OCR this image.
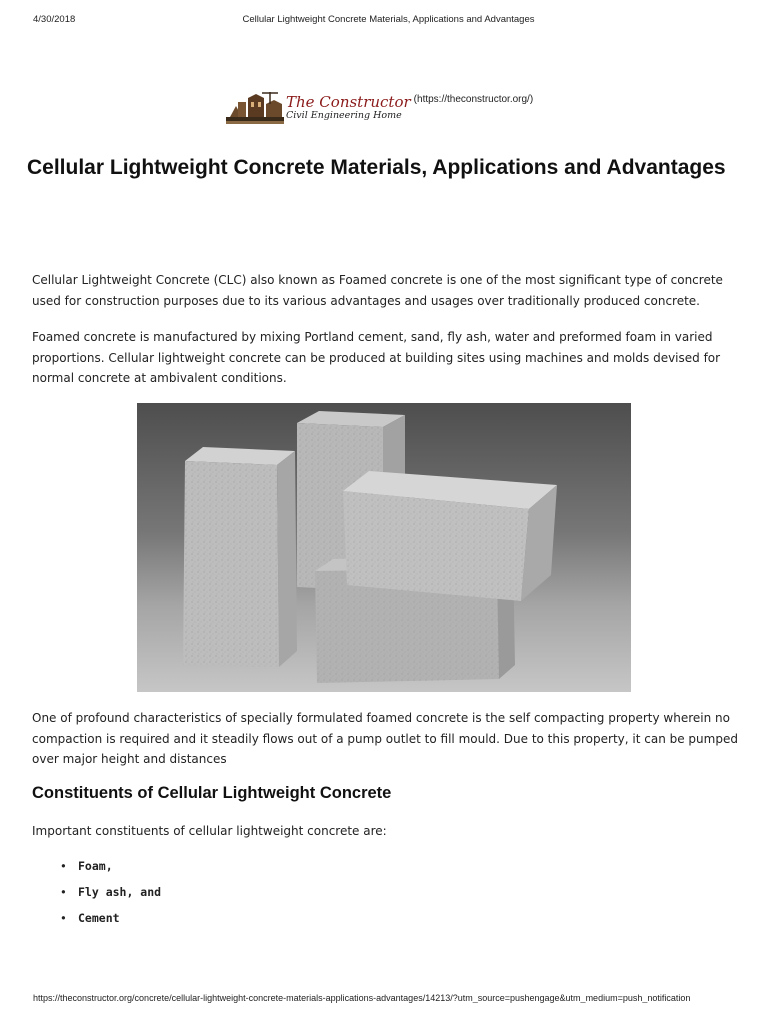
4/30/2018	Cellular Lightweight Concrete Materials, Applications and Advantages
The Constructor
Civil Engineering Home
(https://theconstructor.org/)
Cellular Lightweight Concrete Materials, Applications and Advantages

Cellular Lightweight Concrete (CLC) also known as Foamed concrete is one of the most significant type of concrete used for construction purposes due to its various advantages and usages over traditionally produced concrete.

Foamed concrete is manufactured by mixing Portland cement, sand, fly ash, water and preformed foam in varied proportions. Cellular lightweight concrete can be produced at building sites using machines and molds devised for normal concrete at ambivalent conditions.

One of profound characteristics of specially formulated foamed concrete is the self compacting property wherein no compaction is required and it steadily flows out of a pump outlet to fill mould. Due to this property, it can be pumped over major height and distances

Constituents of Cellular Lightweight Concrete

Important constituents of cellular lightweight concrete are:

• Foam,
• Fly ash, and
• Cement
https://theconstructor.org/concrete/cellular-lightweight-concrete-materials-applications-advantages/14213/?utm_source=pushengage&utm_medium=push_notification
